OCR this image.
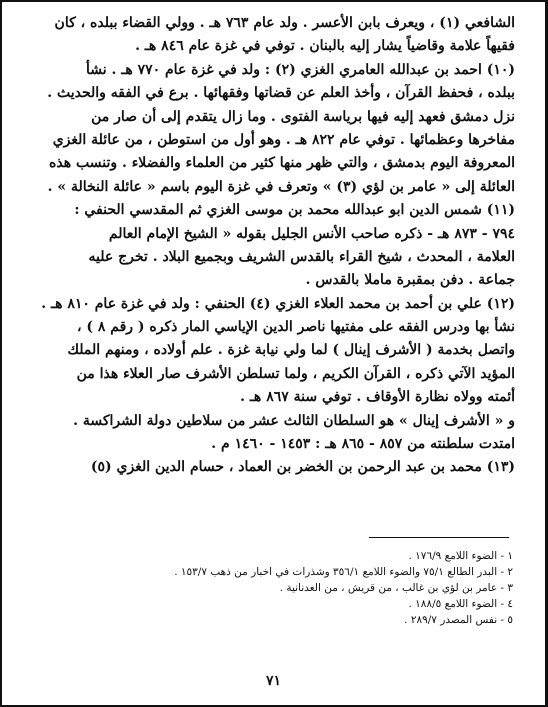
الشافعي (١) ، ويعرف بابن الأعسر . ولد عام ٧٦٣ هـ . وولي القضاء ببلده ، كان
فقيهاً علامة وقاضياً يشار إليه بالبنان . توفي في غزة عام ٨٤٦ هـ .
(١٠) احمد بن عبدالله العامري الغزي (٢) : ولد في غزة عام ٧٧٠ هـ . نشأ
ببلده ، فحفظ القرآن ، وأخذ العلم عن قضاتها وفقهائها . برع في الفقه والحديث .
نزل دمشق فعهد إليه فيها برياسة الفتوى . وما زال يتقدم إلى أن صار من
مفاخرها وعظمائها . توفي عام ٨٢٢ هـ . وهو أول من استوطن ، من عائلة الغزي
المعروفة اليوم بدمشق ، والتي ظهر منها كثير من العلماء والفضلاء . وتنسب هذه
العائلة إلى « عامر بن لؤي (٣) » وتعرف في غزة اليوم باسم « عائلة النخالة » .
(١١) شمس الدين ابو عبدالله محمد بن موسى الغزي ثم المقدسي الحنفي :
٧٩٤ - ٨٧٣ هـ - ذكره صاحب الأنس الجليل بقوله « الشيخ الإمام العالم
العلامة ، المحدث ، شيخ القراء بالقدس الشريف وبجميع البلاد . تخرج عليه
جماعة . دفن بمقبرة ماملا بالقدس .
(١٢) علي بن أحمد بن محمد العلاء الغزي (٤) الحنفي : ولد في غزة عام ٨١٠ هـ .
نشأ بها ودرس الفقه على مفتيها ناصر الدين الإياسي المار ذكره ( رقم ٨ ) ،
واتصل بخدمة ( الأشرف إينال ) لما ولي نيابة غزة . علم أولاده ، ومنهم الملك
المؤيد الآتي ذكره ، القرآن الكريم ، ولما تسلطن الأشرف صار العلاء هذا من
أئمته وولاه نظارة الأوقاف . توفي سنة ٨٦٧ هـ .
و « الأشرف إينال » هو السلطان الثالث عشر من سلاطين دولة الشراكسة .
امتدت سلطنته من ٨٥٧ - ٨٦٥ هـ : ١٤٥٣ - ١٤٦٠ م .
(١٣) محمد بن عبد الرحمن بن الخضر بن العماد ، حسام الدين الغزي (٥)
١ - الضوء اللامع ١٧٦/٩ .
٢ - البدر الطالع ٧٥/١ والضوء اللامع ٣٥٦/١ وشذرات في اخبار من ذهب ١٥٣/٧ .
٣ - عامر بن لؤي بن غالب ، من قريش ، من العدنانية .
٤ - الضوء اللامع ١٨٨/٥ .
٥ - نفس المصدر ٢٨٩/٧ .
٧١
